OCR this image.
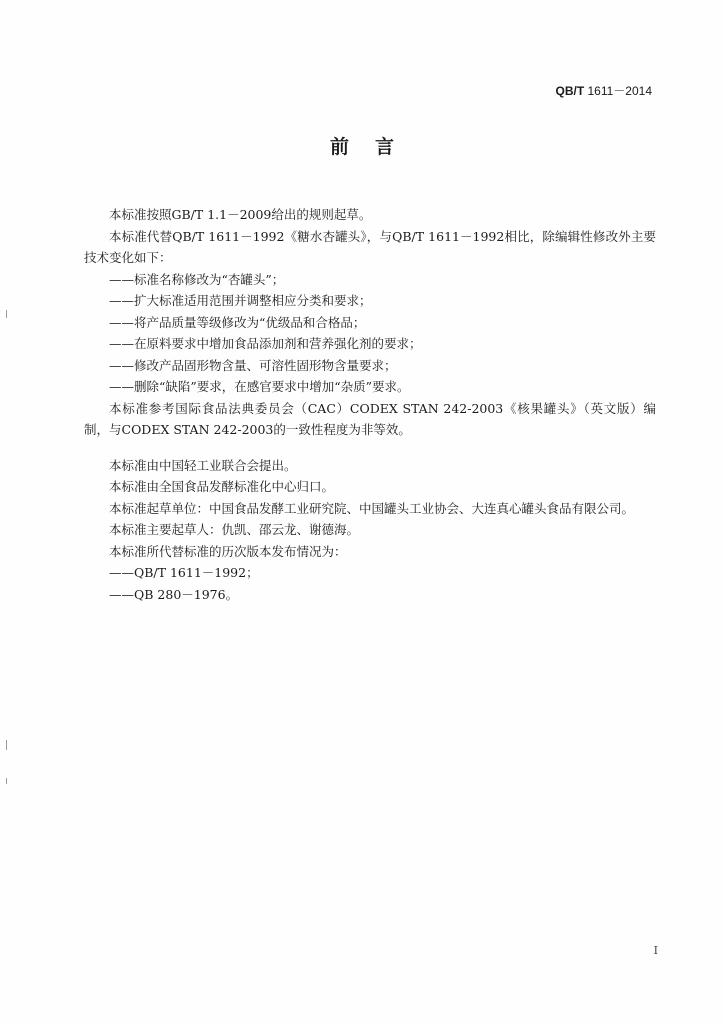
QB/T 1611－2014
前言

本标准按照GB/T 1.1－2009给出的规则起草。

本标准代替QB/T 1611－1992《糖水杏罐头》，与QB/T 1611－1992相比，除编辑性修改外主要技术变化如下：

——标准名称修改为“杏罐头”；

——扩大标准适用范围并调整相应分类和要求；

——将产品质量等级修改为“优级品和合格品；

——在原料要求中增加食品添加剂和营养强化剂的要求；

——修改产品固形物含量、可溶性固形物含量要求；

——删除“缺陷”要求，在感官要求中增加“杂质”要求。

本标准参考国际食品法典委员会（CAC）CODEX STAN 242-2003《核果罐头》（英文版）编制，与CODEX STAN 242-2003的一致性程度为非等效。

本标准由中国轻工业联合会提出。

本标准由全国食品发酵标准化中心归口。

本标准起草单位：中国食品发酵工业研究院、中国罐头工业协会、大连真心罐头食品有限公司。

本标准主要起草人：仇凯、邵云龙、谢德海。

本标准所代替标准的历次版本发布情况为：

——QB/T 1611－1992；

——QB 280－1976。

I
